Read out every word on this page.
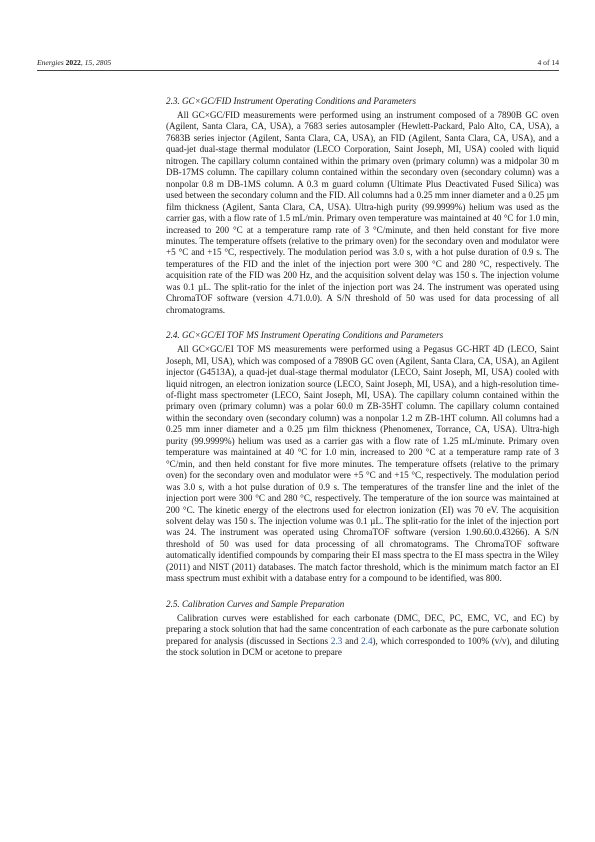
Energies 2022, 15, 2805	4 of 14
2.3. GC×GC/FID Instrument Operating Conditions and Parameters

All GC×GC/FID measurements were performed using an instrument composed of a 7890B GC oven (Agilent, Santa Clara, CA, USA), a 7683 series autosampler (Hewlett-Packard, Palo Alto, CA, USA), a 7683B series injector (Agilent, Santa Clara, CA, USA), an FID (Agilent, Santa Clara, CA, USA), and a quad-jet dual-stage thermal modulator (LECO Corporation, Saint Joseph, MI, USA) cooled with liquid nitrogen. The capillary column contained within the primary oven (primary column) was a midpolar 30 m DB-17MS column. The capillary column contained within the secondary oven (secondary column) was a nonpolar 0.8 m DB-1MS column. A 0.3 m guard column (Ultimate Plus Deactivated Fused Silica) was used between the secondary column and the FID. All columns had a 0.25 mm inner diameter and a 0.25 µm film thickness (Agilent, Santa Clara, CA, USA). Ultra-high purity (99.9999%) helium was used as the carrier gas, with a flow rate of 1.5 mL/min. Primary oven temperature was maintained at 40 °C for 1.0 min, increased to 200 °C at a temperature ramp rate of 3 °C/minute, and then held constant for five more minutes. The temperature offsets (relative to the primary oven) for the secondary oven and modulator were +5 °C and +15 °C, respectively. The modulation period was 3.0 s, with a hot pulse duration of 0.9 s. The temperatures of the FID and the inlet of the injection port were 300 °C and 280 °C, respectively. The acquisition rate of the FID was 200 Hz, and the acquisition solvent delay was 150 s. The injection volume was 0.1 µL. The split-ratio for the inlet of the injection port was 24. The instrument was operated using ChromaTOF software (version 4.71.0.0). A S/N threshold of 50 was used for data processing of all chromatograms.

2.4. GC×GC/EI TOF MS Instrument Operating Conditions and Parameters

All GC×GC/EI TOF MS measurements were performed using a Pegasus GC-HRT 4D (LECO, Saint Joseph, MI, USA), which was composed of a 7890B GC oven (Agilent, Santa Clara, CA, USA), an Agilent injector (G4513A), a quad-jet dual-stage thermal modulator (LECO, Saint Joseph, MI, USA) cooled with liquid nitrogen, an electron ionization source (LECO, Saint Joseph, MI, USA), and a high-resolution time-of-flight mass spectrometer (LECO, Saint Joseph, MI, USA). The capillary column contained within the primary oven (primary column) was a polar 60.0 m ZB-35HT column. The capillary column contained within the secondary oven (secondary column) was a nonpolar 1.2 m ZB-1HT column. All columns had a 0.25 mm inner diameter and a 0.25 µm film thickness (Phenomenex, Torrance, CA, USA). Ultra-high purity (99.9999%) helium was used as a carrier gas with a flow rate of 1.25 mL/minute. Primary oven temperature was maintained at 40 °C for 1.0 min, increased to 200 °C at a temperature ramp rate of 3 °C/min, and then held constant for five more minutes. The temperature offsets (relative to the primary oven) for the secondary oven and modulator were +5 °C and +15 °C, respectively. The modulation period was 3.0 s, with a hot pulse duration of 0.9 s. The temperatures of the transfer line and the inlet of the injection port were 300 °C and 280 °C, respectively. The temperature of the ion source was maintained at 200 °C. The kinetic energy of the electrons used for electron ionization (EI) was 70 eV. The acquisition solvent delay was 150 s. The injection volume was 0.1 µL. The split-ratio for the inlet of the injection port was 24. The instrument was operated using ChromaTOF software (version 1.90.60.0.43266). A S/N threshold of 50 was used for data processing of all chromatograms. The ChromaTOF software automatically identified compounds by comparing their EI mass spectra to the EI mass spectra in the Wiley (2011) and NIST (2011) databases. The match factor threshold, which is the minimum match factor an EI mass spectrum must exhibit with a database entry for a compound to be identified, was 800.

2.5. Calibration Curves and Sample Preparation

Calibration curves were established for each carbonate (DMC, DEC, PC, EMC, VC, and EC) by preparing a stock solution that had the same concentration of each carbonate as the pure carbonate solution prepared for analysis (discussed in Sections 2.3 and 2.4), which corresponded to 100% (v/v), and diluting the stock solution in DCM or acetone to prepare
